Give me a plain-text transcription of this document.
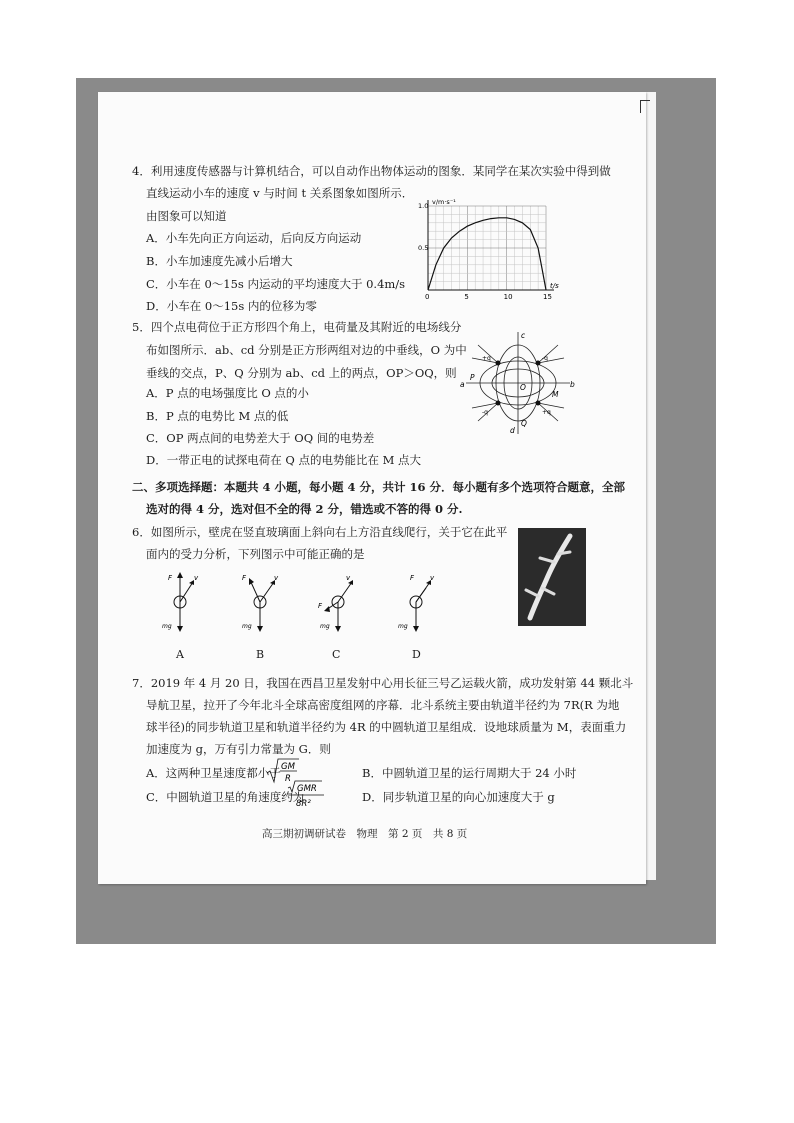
4．利用速度传感器与计算机结合，可以自动作出物体运动的图象．某同学在某次实验中得到做
直线运动小车的速度 v 与时间 t 关系图象如图所示．
由图象可以知道
A．小车先向正方向运动，后向反方向运动
B．小车加速度先减小后增大
C．小车在 0～15s 内运动的平均速度大于 0.4m/s
D．小车在 0～15s 内的位移为零
v/m·s⁻¹
t/s
0	5	10	15
0.5
1.0
5．四个点电荷位于正方形四个角上，电荷量及其附近的电场线分
布如图所示．ab、cd 分别是正方形两组对边的中垂线，O 为中
垂线的交点，P、Q 分别为 ab、cd 上的两点，OP＞OQ，则
A．P 点的电场强度比 O 点的小
B．P 点的电势比 M 点的低
C．OP 两点间的电势差大于 OQ 间的电势差
D．一带正电的试探电荷在 Q 点的电势能比在 M 点大
a	b
c
d
O
P
Q
M
+q	-q
-q	+q
二、多项选择题：本题共 4 小题，每小题 4 分，共计 16 分．每小题有多个选项符合题意，全部
选对的得 4 分，选对但不全的得 2 分，错选或不答的得 0 分.
6．如图所示，壁虎在竖直玻璃面上斜向右上方沿直线爬行，关于它在此平
面内的受力分析，下列图示中可能正确的是
F	v
mg
F	v
mg
F
v
mg
F v
mg
A	B	C	D
7．2019 年 4 月 20 日，我国在西昌卫星发射中心用长征三号乙运载火箭，成功发射第 44 颗北斗
导航卫星，拉开了今年北斗全球高密度组网的序幕．北斗系统主要由轨道半径约为 7R(R 为地
球半径)的同步轨道卫星和轨道半径约为 4R 的中圆轨道卫星组成．设地球质量为 M，表面重力
加速度为 g，万有引力常量为 G．则
A．这两种卫星速度都小于 GM
R	B．中圆轨道卫星的运行周期大于 24 小时
C．中圆轨道卫星的角速度约为
GMR
8R²	D．同步轨道卫星的向心加速度大于 g
高三期初调研试卷　物理　第 2 页　共 8 页
